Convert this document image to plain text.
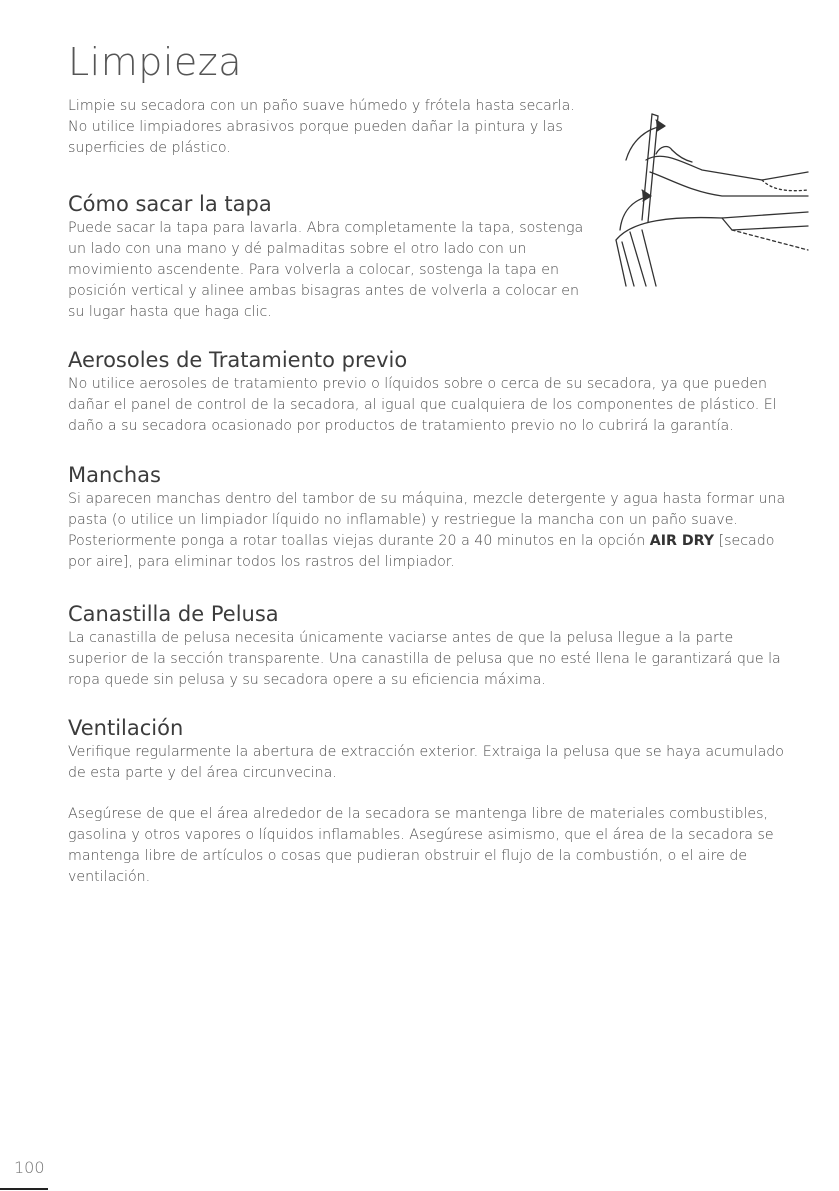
Limpieza

Limpie su secadora con un paño suave húmedo y frótela hasta secarla. No utilice limpiadores abrasivos porque pueden dañar la pintura y las superficies de plástico.

Cómo sacar la tapa

Puede sacar la tapa para lavarla. Abra completamente la tapa, sostenga un lado con una mano y dé palmaditas sobre el otro lado con un movimiento ascendente. Para volverla a colocar, sostenga la tapa en posición vertical y alinee ambas bisagras antes de volverla a colocar en su lugar hasta que haga clic.

Aerosoles de Tratamiento previo

No utilice aerosoles de tratamiento previo o líquidos sobre o cerca de su secadora, ya que pueden dañar el panel de control de la secadora, al igual que cualquiera de los componentes de plástico. El daño a su secadora ocasionado por productos de tratamiento previo no lo cubrirá la garantía.

Manchas

Si aparecen manchas dentro del tambor de su máquina, mezcle detergente y agua hasta formar una pasta (o utilice un limpiador líquido no inflamable) y restriegue la mancha con un paño suave. Posteriormente ponga a rotar toallas viejas durante 20 a 40 minutos en la opción AIR DRY [secado por aire], para eliminar todos los rastros del limpiador.

Canastilla de Pelusa

La canastilla de pelusa necesita únicamente vaciarse antes de que la pelusa llegue a la parte superior de la sección transparente. Una canastilla de pelusa que no esté llena le garantizará que la ropa quede sin pelusa y su secadora opere a su eficiencia máxima.

Ventilación

Verifique regularmente la abertura de extracción exterior. Extraiga la pelusa que se haya acumulado de esta parte y del área circunvecina.

Asegúrese de que el área alrededor de la secadora se mantenga libre de materiales combustibles, gasolina y otros vapores o líquidos inflamables. Asegúrese asimismo, que el área de la secadora se mantenga libre de artículos o cosas que pudieran obstruir el flujo de la combustión, o el aire de ventilación.

100
